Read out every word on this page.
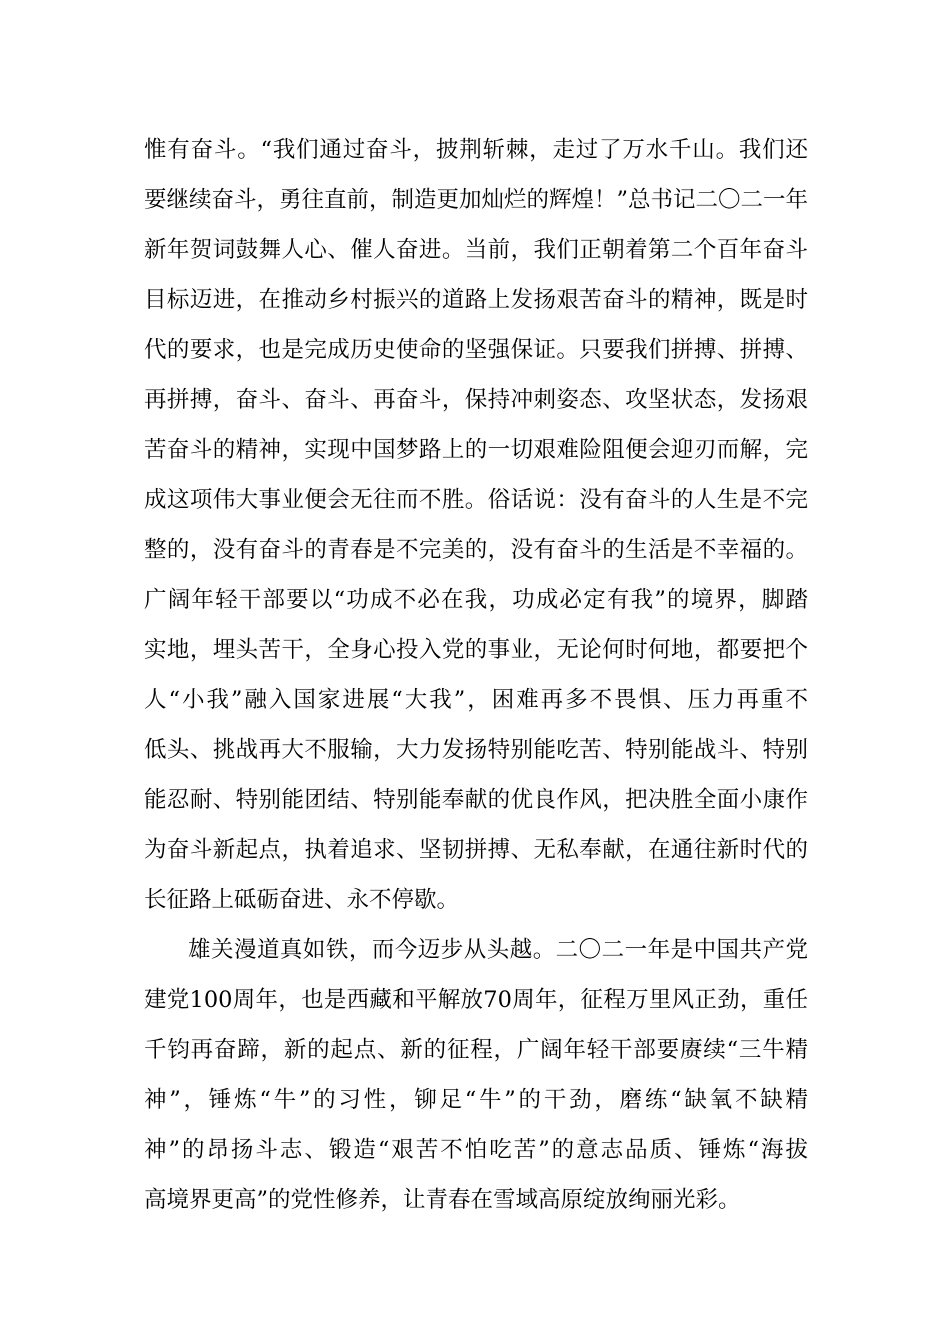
惟有奋斗。“我们通过奋斗，披荆斩棘，走过了万水千山。我们还
要继续奋斗，勇往直前，制造更加灿烂的辉煌！”总书记二〇二一年
新年贺词鼓舞人心、催人奋进。当前，我们正朝着第二个百年奋斗
目标迈进，在推动乡村振兴的道路上发扬艰苦奋斗的精神，既是时
代的要求，也是完成历史使命的坚强保证。只要我们拼搏、拼搏、
再拼搏，奋斗、奋斗、再奋斗，保持冲刺姿态、攻坚状态，发扬艰
苦奋斗的精神，实现中国梦路上的一切艰难险阻便会迎刃而解，完
成这项伟大事业便会无往而不胜。俗话说：没有奋斗的人生是不完
整的，没有奋斗的青春是不完美的，没有奋斗的生活是不幸福的。
广阔年轻干部要以“功成不必在我，功成必定有我”的境界，脚踏
实地，埋头苦干，全身心投入党的事业，无论何时何地，都要把个
人“小我”融入国家进展“大我”，困难再多不畏惧、压力再重不
低头、挑战再大不服输，大力发扬特别能吃苦、特别能战斗、特别
能忍耐、特别能团结、特别能奉献的优良作风，把决胜全面小康作
为奋斗新起点，执着追求、坚韧拼搏、无私奉献，在通往新时代的
长征路上砥砺奋进、永不停歇。
雄关漫道真如铁，而今迈步从头越。二〇二一年是中国共产党
建党100周年，也是西藏和平解放70周年，征程万里风正劲，重任
千钧再奋蹄，新的起点、新的征程，广阔年轻干部要赓续“三牛精
神”，锤炼“牛”的习性，铆足“牛”的干劲，磨练“缺氧不缺精
神”的昂扬斗志、锻造“艰苦不怕吃苦”的意志品质、锤炼“海拔
高境界更高”的党性修养，让青春在雪域高原绽放绚丽光彩。
